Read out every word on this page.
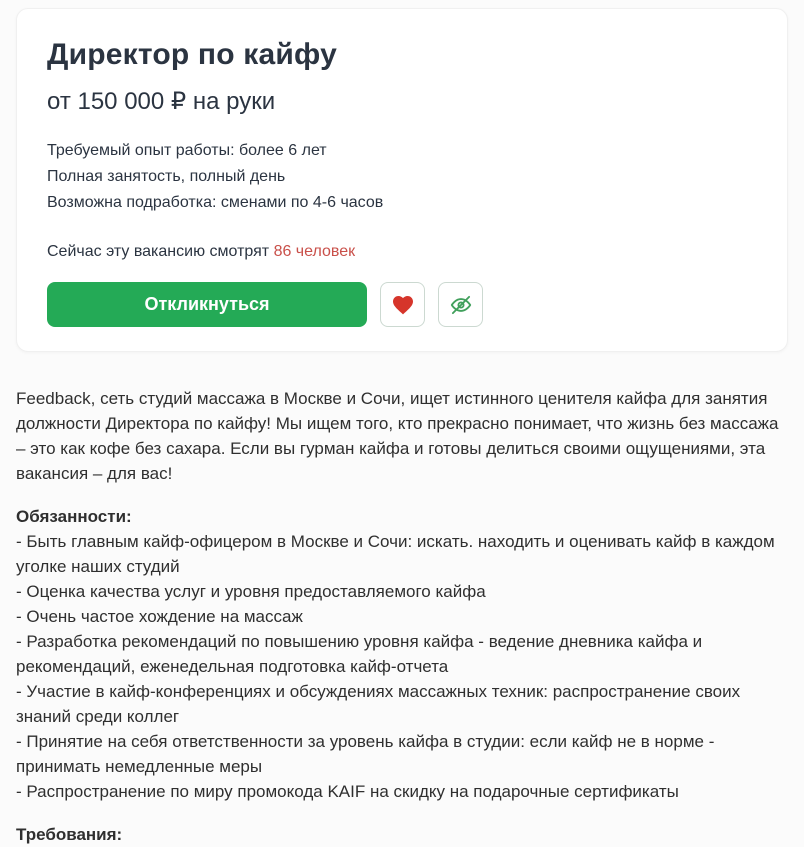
Директор по кайфу
от 150 000 ₽ на руки
Требуемый опыт работы: более 6 лет
Полная занятость, полный день
Возможна подработка: сменами по 4-6 часов
Сейчас эту вакансию смотрят 86 человек
Откликнуться
Feedback, сеть студий массажа в Москве и Сочи, ищет истинного ценителя кайфа для занятия должности Директора по кайфу! Мы ищем того, кто прекрасно понимает, что жизнь без массажа – это как кофе без сахара. Если вы гурман кайфа и готовы делиться своими ощущениями, эта вакансия – для вас!
Обязанности:
- Быть главным кайф-офицером в Москве и Сочи: искать. находить и оценивать кайф в каждом уголке наших студий
- Оценка качества услуг и уровня предоставляемого кайфа
- Очень частое хождение на массаж
- Разработка рекомендаций по повышению уровня кайфа - ведение дневника кайфа и рекомендаций, еженедельная подготовка кайф-отчета
- Участие в кайф-конференциях и обсуждениях массажных техник: распространение своих знаний среди коллег
- Принятие на себя ответственности за уровень кайфа в студии: если кайф не в норме - принимать немедленные меры
- Распространение по миру промокода KAIF на скидку на подарочные сертификаты
Требования:
